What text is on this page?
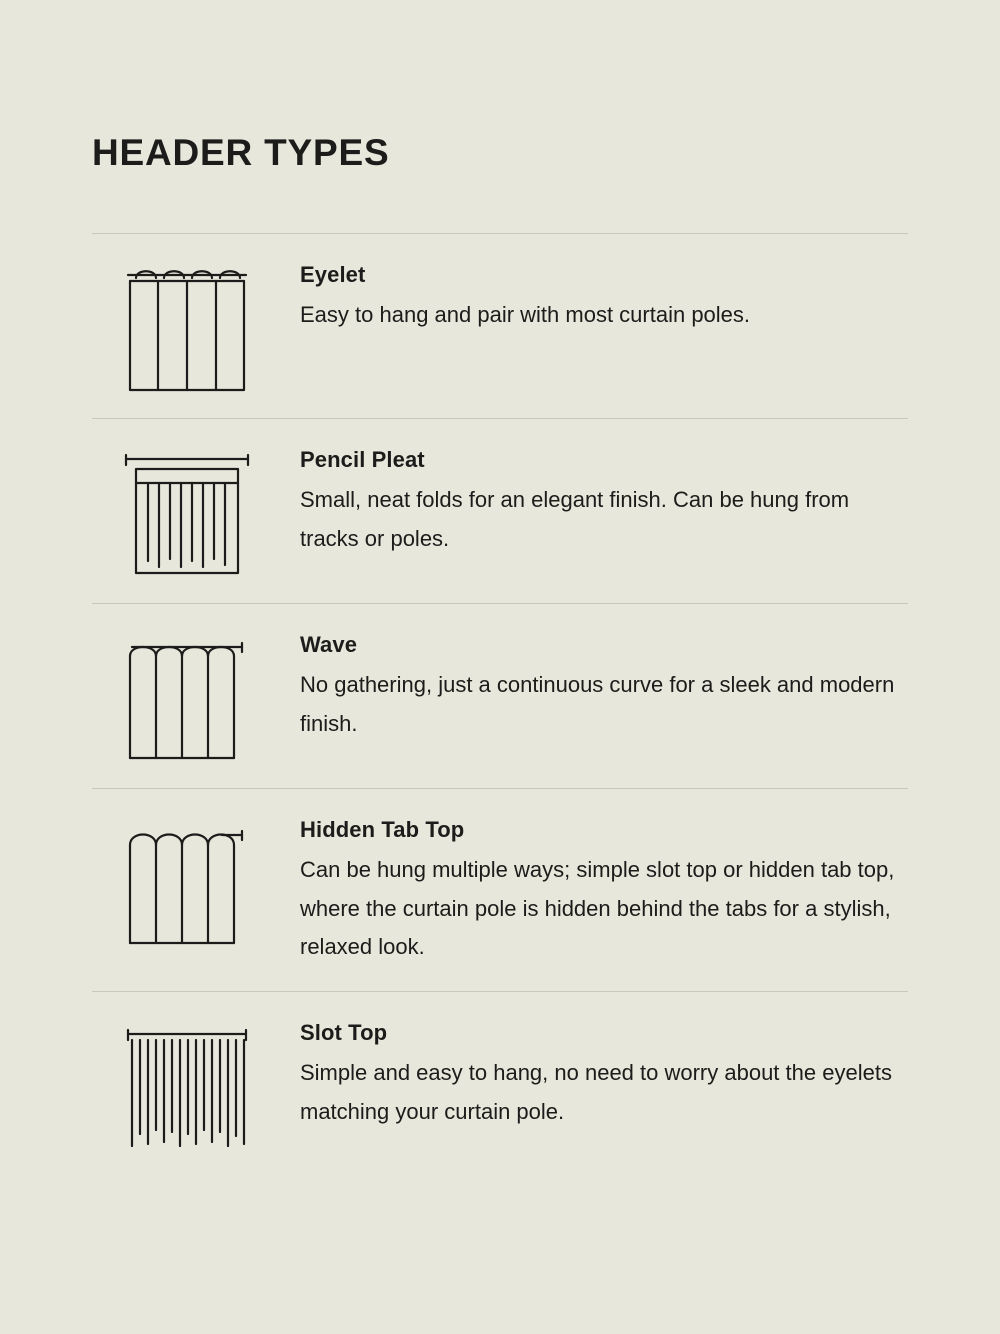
HEADER TYPES

Eyelet

Easy to hang and pair with most curtain poles.

Pencil Pleat

Small, neat folds for an elegant finish. Can be hung from tracks or poles.

Wave

No gathering, just a continuous curve for a sleek and modern finish.

Hidden Tab Top

Can be hung multiple ways; simple slot top or hidden tab top, where the curtain pole is hidden behind the tabs for a stylish, relaxed look.

Slot Top

Simple and easy to hang, no need to worry about the eyelets matching your curtain pole.
